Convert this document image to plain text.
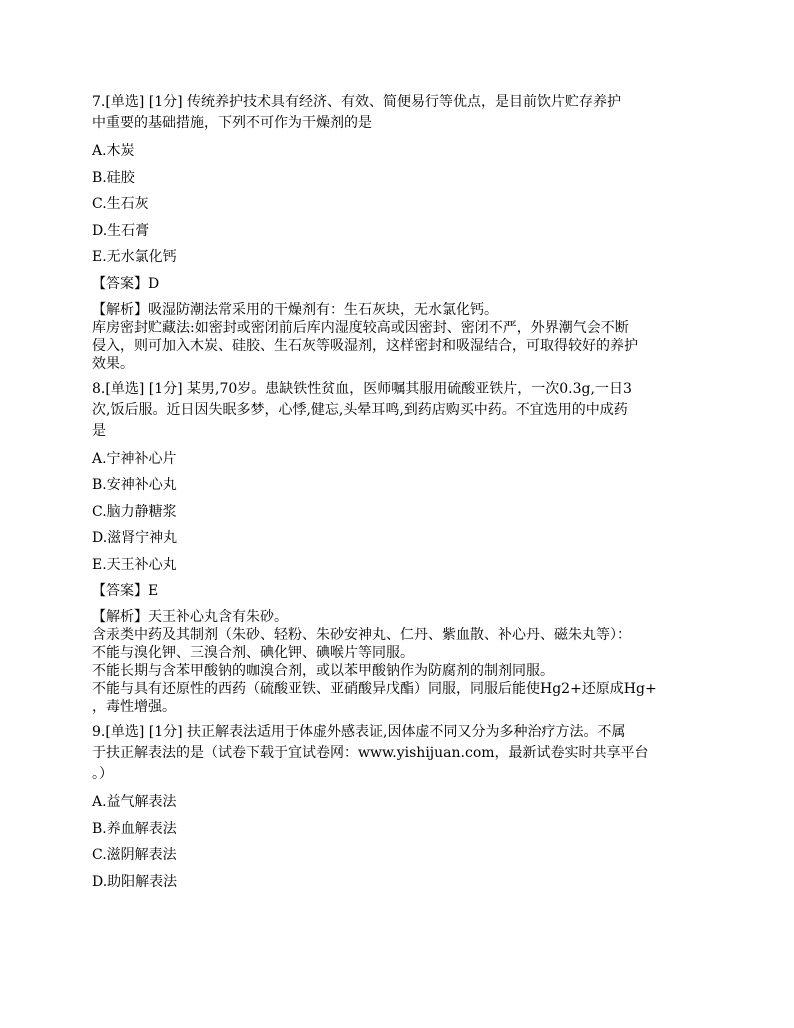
7.[单选] [1分] 传统养护技术具有经济、有效、简便易行等优点，是目前饮片贮存养护
中重要的基础措施，下列不可作为干燥剂的是
A.木炭
B.硅胶
C.生石灰
D.生石膏
E.无水氯化钙
【答案】D

【解析】吸湿防潮法常采用的干燥剂有：生石灰块，无水氯化钙。

库房密封贮藏法:如密封或密闭前后库内湿度较高或因密封、密闭不严，外界潮气会不断

侵入，则可加入木炭、硅胶、生石灰等吸湿剂，这样密封和吸湿结合，可取得较好的养护

效果。

8.[单选] [1分] 某男,70岁。患缺铁性贫血，医师嘱其服用硫酸亚铁片，一次0.3g,一日3
次,饭后服。近日因失眠多梦，心悸,健忘,头晕耳鸣,到药店购买中药。不宜选用的中成药
是
A.宁神补心片
B.安神补心丸
C.脑力静糖浆
D.滋肾宁神丸
E.天王补心丸
【答案】E

【解析】天王补心丸含有朱砂。

含汞类中药及其制剂（朱砂、轻粉、朱砂安神丸、仁丹、紫血散、补心丹、磁朱丸等）：

不能与溴化钾、三溴合剂、碘化钾、碘喉片等同服。

不能长期与含苯甲酸钠的咖溴合剂，或以苯甲酸钠作为防腐剂的制剂同服。

不能与具有还原性的西药（硫酸亚铁、亚硝酸异戊酯）同服，同服后能使Hg2+还原成Hg+

，毒性增强。

9.[单选] [1分] 扶正解表法适用于体虚外感表证,因体虚不同又分为多种治疗方法。不属
于扶正解表法的是（试卷下载于宜试卷网：www.yishijuan.com，最新试卷实时共享平台
。）
A.益气解表法
B.养血解表法
C.滋阴解表法
D.助阳解表法
